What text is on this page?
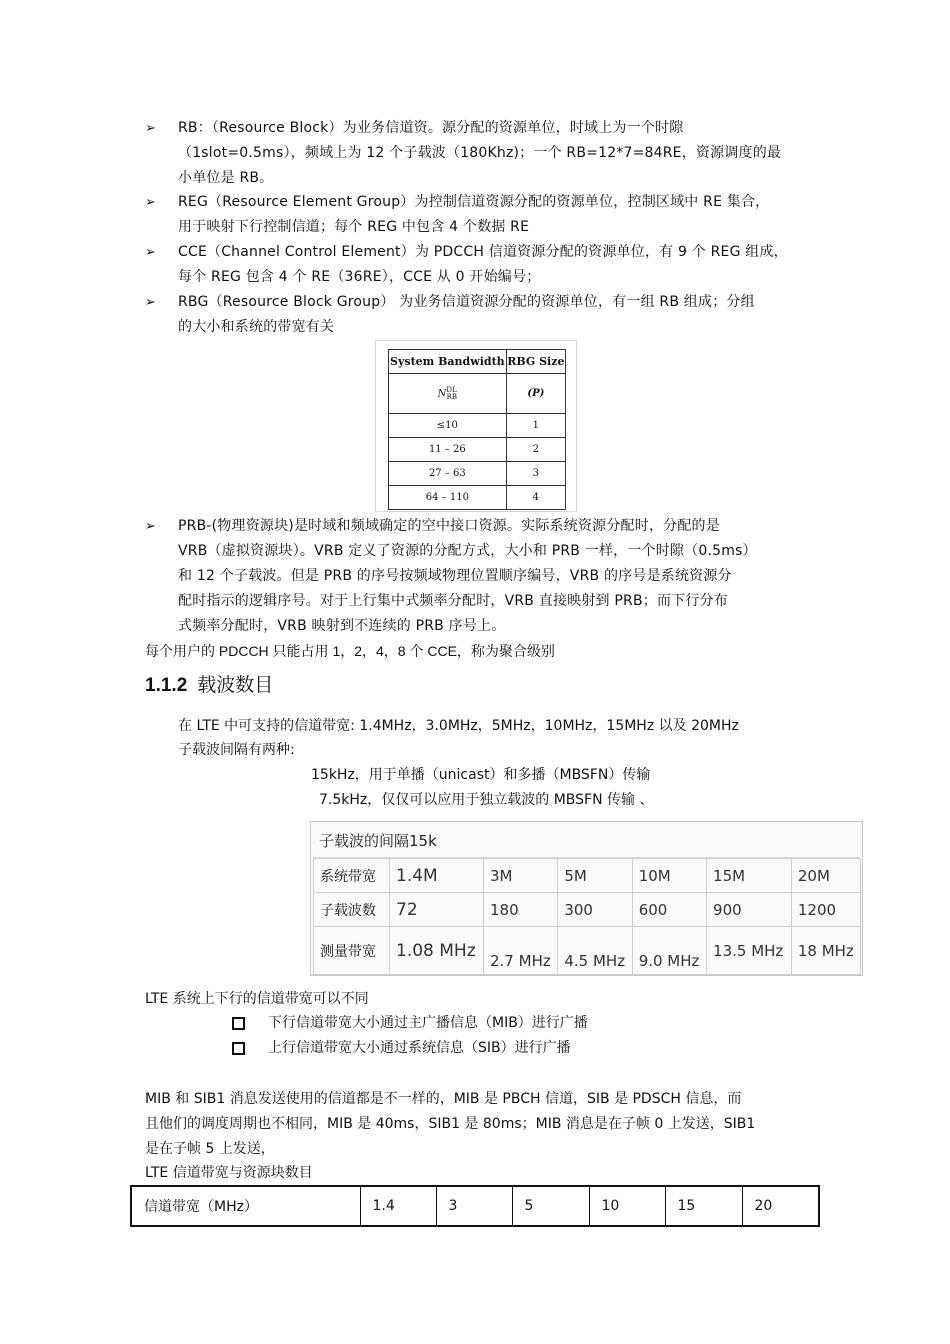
➢ RB：（Resource Block）为业务信道资。源分配的资源单位，时域上为一个时隙
（1slot=0.5ms），频域上为 12 个子载波（180Khz)；一个 RB=12*7=84RE，资源调度的最
小单位是 RB。
➢ REG（Resource Element Group）为控制信道资源分配的资源单位，控制区域中 RE 集合，
用于映射下行控制信道；每个 REG 中包含 4 个数据 RE
➢ CCE（Channel Control Element）为 PDCCH 信道资源分配的资源单位，有 9 个 REG 组成，
每个 REG 包含 4 个 RE（36RE），CCE 从 0 开始编号；
➢ RBG（Resource Block Group） 为业务信道资源分配的资源单位，有一组 RB 组成；分组
的大小和系统的带宽有关
System Bandwidth	RBG Size
$N^{DL}_{RB}$	(P)
≤10	1
11 – 26	2
27 – 63	3
64 – 110	4
➢ PRB-(物理资源块)是时域和频域确定的空中接口资源。实际系统资源分配时，分配的是
VRB（虚拟资源块）。VRB 定义了资源的分配方式，大小和 PRB 一样，一个时隙（0.5ms）
和 12 个子载波。但是 PRB 的序号按频域物理位置顺序编号，VRB 的序号是系统资源分
配时指示的逻辑序号。对于上行集中式频率分配时，VRB 直接映射到 PRB；而下行分布
式频率分配时，VRB 映射到不连续的 PRB 序号上。
每个用户的 PDCCH 只能占用 1，2，4，8 个 CCE，称为聚合级别
1.1.2 载波数目
在 LTE 中可支持的信道带宽: 1.4MHz，3.0MHz，5MHz，10MHz，15MHz 以及 20MHz
子载波间隔有两种:
15kHz，用于单播（unicast）和多播（MBSFN）传输
7.5kHz，仅仅可以应用于独立载波的 MBSFN 传输 、
子载波的间隔15k
系统带宽	1.4M	3M	5M	10M	15M	20M
子载波数	72	180	300	600	900	1200
测量带宽	1.08 MHz	2.7 MHz	4.5 MHz	9.0 MHz	13.5 MHz	18 MHz
LTE 系统上下行的信道带宽可以不同
下行信道带宽大小通过主广播信息（MIB）进行广播
上行信道带宽大小通过系统信息（SIB）进行广播
MIB 和 SIB1 消息发送使用的信道都是不一样的，MIB 是 PBCH 信道，SIB 是 PDSCH 信息，而
且他们的调度周期也不相同，MIB 是 40ms，SIB1 是 80ms；MIB 消息是在子帧 0 上发送，SIB1
是在子帧 5 上发送，
LTE 信道带宽与资源块数目
信道带宽（MHz）	1.4	3	5	10	15	20
